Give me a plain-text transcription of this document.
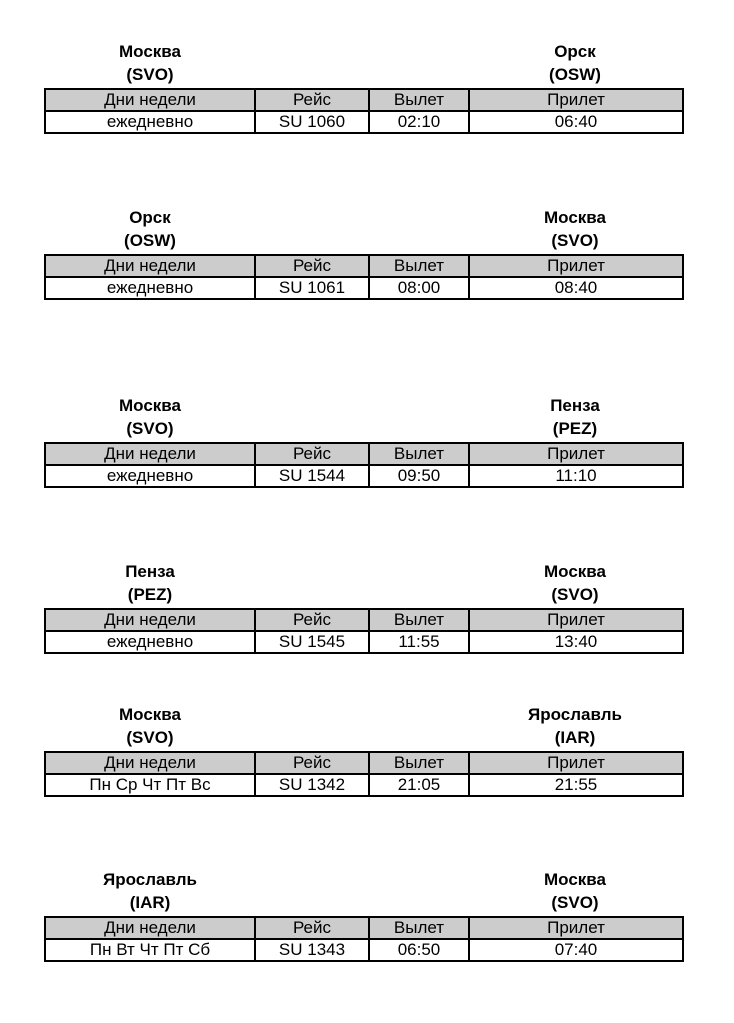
Москва
(SVO)
Орск
(OSW)
Дни недели	Рейс	Вылет	Прилет
ежедневно	SU 1060	02:10	06:40
Орск
(OSW)
Москва
(SVO)
Дни недели	Рейс	Вылет	Прилет
ежедневно	SU 1061	08:00	08:40
Москва
(SVO)
Пенза
(PEZ)
Дни недели	Рейс	Вылет	Прилет
ежедневно	SU 1544	09:50	11:10
Пенза
(PEZ)
Москва
(SVO)
Дни недели	Рейс	Вылет	Прилет
ежедневно	SU 1545	11:55	13:40
Москва
(SVO)
Ярославль
(IAR)
Дни недели	Рейс	Вылет	Прилет
Пн Ср Чт Пт Вс	SU 1342	21:05	21:55
Ярославль
(IAR)
Москва
(SVO)
Дни недели	Рейс	Вылет	Прилет
Пн Вт Чт Пт Сб	SU 1343	06:50	07:40
